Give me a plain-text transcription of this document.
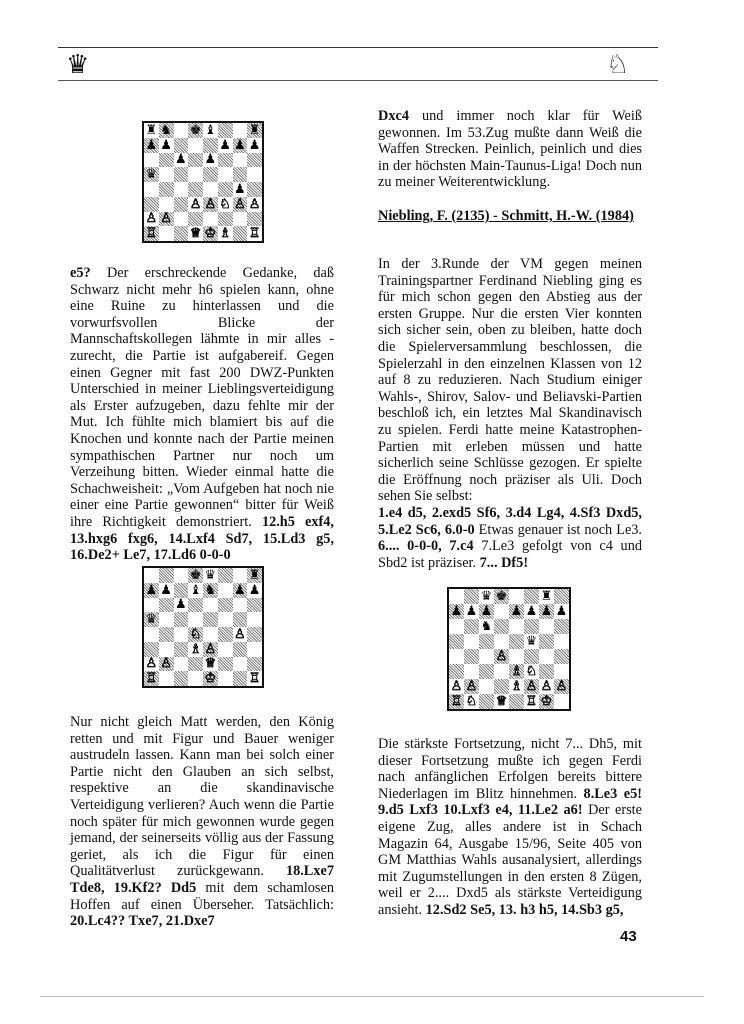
♛	♘
♜ ♞ ♚ ♝	♜
♟ ♟	♟ ♟ ♟
♟ ♟
♛
♟
♙ ♙ ♘ ♙ ♙
♙ ♙
♖	♕ ♔ ♗ ♖

e5? Der erschreckende Gedanke, daß Schwarz nicht mehr h6 spielen kann, ohne eine Ruine zu hinterlassen und die vorwurfsvollen Blicke der Mannschaftskollegen lähmte in mir alles - zurecht, die Partie ist aufgabereif. Gegen einen Gegner mit fast 200 DWZ-Punkten Unterschied in meiner Lieblingsverteidigung als Erster aufzugeben, dazu fehlte mir der Mut. Ich fühlte mich blamiert bis auf die Knochen und konnte nach der Partie meinen sympathischen Partner nur noch um Verzeihung bitten. Wieder einmal hatte die Schachweisheit: „Vom Aufgeben hat noch nie einer eine Partie gewonnen“ bitter für Weiß ihre Richtigkeit demonstriert. 12.h5 exf4, 13.hxg6 fxg6, 14.Lxf4 Sd7, 15.Ld3 g5, 16.De2+ Le7, 17.Ld6 0-0-0

♚ ♛	♜
♟ ♟ ♝ ♞ ♟ ♟
♟
♛
♘	♙
♗ ♙
♙ ♙	♕
♖	♔	♖

Nur nicht gleich Matt werden, den König retten und mit Figur und Bauer weniger austrudeln lassen. Kann man bei solch einer Partie nicht den Glauben an sich selbst, respektive an die skandinavische Verteidigung verlieren? Auch wenn die Partie noch später für mich gewonnen wurde gegen jemand, der seinerseits völlig aus der Fassung geriet, als ich die Figur für einen Qualitätverlust zurückgewann. 18.Lxe7 Tde8, 19.Kf2? Dd5 mit dem schamlosen Hoffen auf einen Überseher. Tatsächlich: 20.Lc4?? Txe7, 21.Dxe7

Dxc4 und immer noch klar für Weiß gewonnen. Im 53.Zug mußte dann Weiß die Waffen Strecken. Peinlich, peinlich und dies in der höchsten Main-Taunus-Liga! Doch nun zu meiner Weiterentwicklung.

Niebling, F. (2135) - Schmitt, H.-W. (1984)

In der 3.Runde der VM gegen meinen Trainingspartner Ferdinand Niebling ging es für mich schon gegen den Abstieg aus der ersten Gruppe. Nur die ersten Vier konnten sich sicher sein, oben zu bleiben, hatte doch die Spielerversammlung beschlossen, die Spielerzahl in den einzelnen Klassen von 12 auf 8 zu reduzieren. Nach Studium einiger Wahls-, Shirov, Salov- und Beliavski-Partien beschloß ich, ein letztes Mal Skandinavisch zu spielen. Ferdi hatte meine Katastrophen-Partien mit erleben müssen und hatte sicherlich seine Schlüsse gezogen. Er spielte die Eröffnung noch präziser als Uli. Doch sehen Sie selbst:

1.e4 d5, 2.exd5 Sf6, 3.d4 Lg4, 4.Sf3 Dxd5, 5.Le2 Sc6, 6.0-0 Etwas genauer ist noch Le3. 6.... 0-0-0, 7.c4 7.Le3 gefolgt von c4 und Sbd2 ist präziser. 7... Df5!

♛ ♚	♜
♟ ♟ ♟ ♟ ♟ ♟ ♟
♞
♛
♙
♗ ♘
♙ ♙	♗ ♙ ♙ ♙
♖ ♘ ♕ ♖ ♔

Die stärkste Fortsetzung, nicht 7... Dh5, mit dieser Fortsetzung mußte ich gegen Ferdi nach anfänglichen Erfolgen bereits bittere Niederlagen im Blitz hinnehmen. 8.Le3 e5! 9.d5 Lxf3 10.Lxf3 e4, 11.Le2 a6! Der erste eigene Zug, alles andere ist in Schach Magazin 64, Ausgabe 15/96, Seite 405 von GM Matthias Wahls ausanalysiert, allerdings mit Zugumstellungen in den ersten 8 Zügen, weil er 2.... Dxd5 als stärkste Verteidigung ansieht. 12.Sd2 Se5, 13. h3 h5, 14.Sb3 g5,

43
